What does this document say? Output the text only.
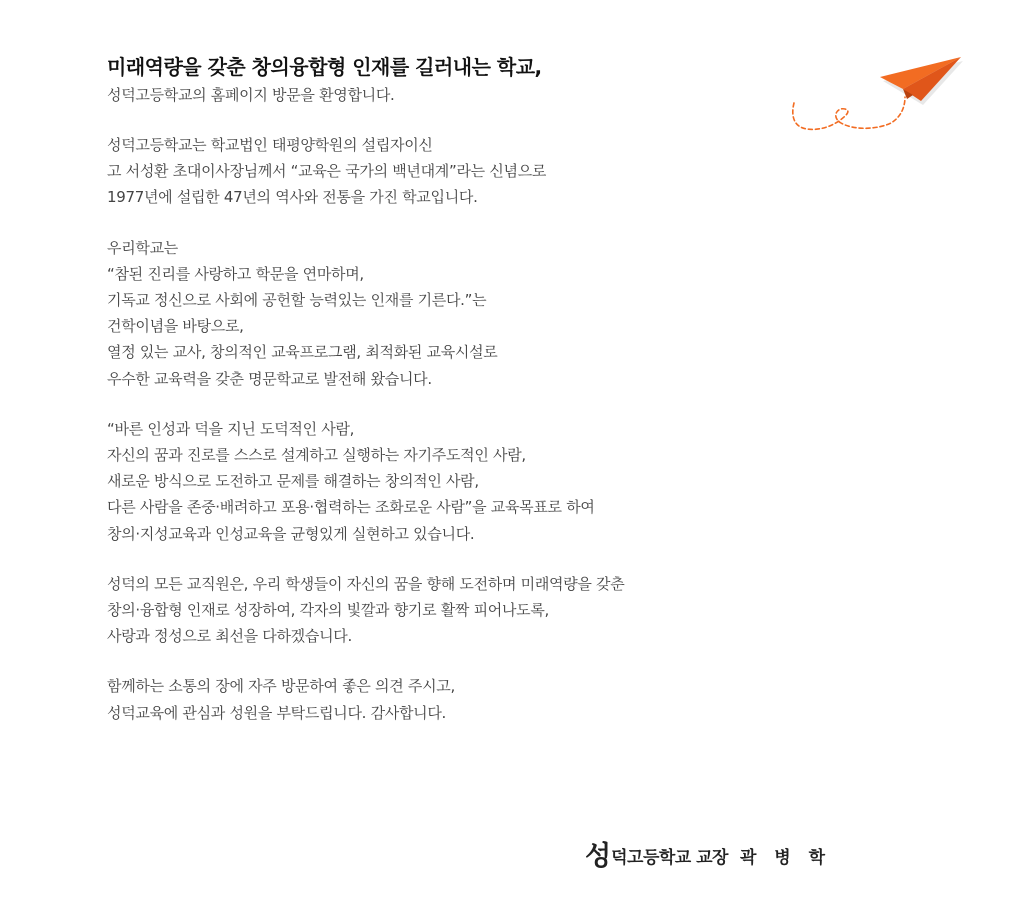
미래역량을 갖춘 창의융합형 인재를 길러내는 학교,

성덕고등학교의 홈페이지 방문을 환영합니다.

성덕고등학교는 학교법인 태평양학원의 설립자이신
고 서성환 초대이사장님께서 “교육은 국가의 백년대계”라는 신념으로
1977년에 설립한 47년의 역사와 전통을 가진 학교입니다.
우리학교는
“참된 진리를 사랑하고 학문을 연마하며,
기독교 정신으로 사회에 공헌할 능력있는 인재를 기른다.”는
건학이념을 바탕으로,
열정 있는 교사, 창의적인 교육프로그램, 최적화된 교육시설로
우수한 교육력을 갖춘 명문학교로 발전해 왔습니다.
“바른 인성과 덕을 지닌 도덕적인 사람,
자신의 꿈과 진로를 스스로 설계하고 실행하는 자기주도적인 사람,
새로운 방식으로 도전하고 문제를 해결하는 창의적인 사람,
다른 사람을 존중·배려하고 포용·협력하는 조화로운 사람”을 교육목표로 하여
창의·지성교육과 인성교육을 균형있게 실현하고 있습니다.
성덕의 모든 교직원은, 우리 학생들이 자신의 꿈을 향해 도전하며 미래역량을 갖춘
창의·융합형 인재로 성장하여, 각자의 빛깔과 향기로 활짝 피어나도록,
사랑과 정성으로 최선을 다하겠습니다.
함께하는 소통의 장에 자주 방문하여 좋은 의견 주시고,
성덕교육에 관심과 성원을 부탁드립니다. 감사합니다.
성덕고등학교 교장 곽 병 학
